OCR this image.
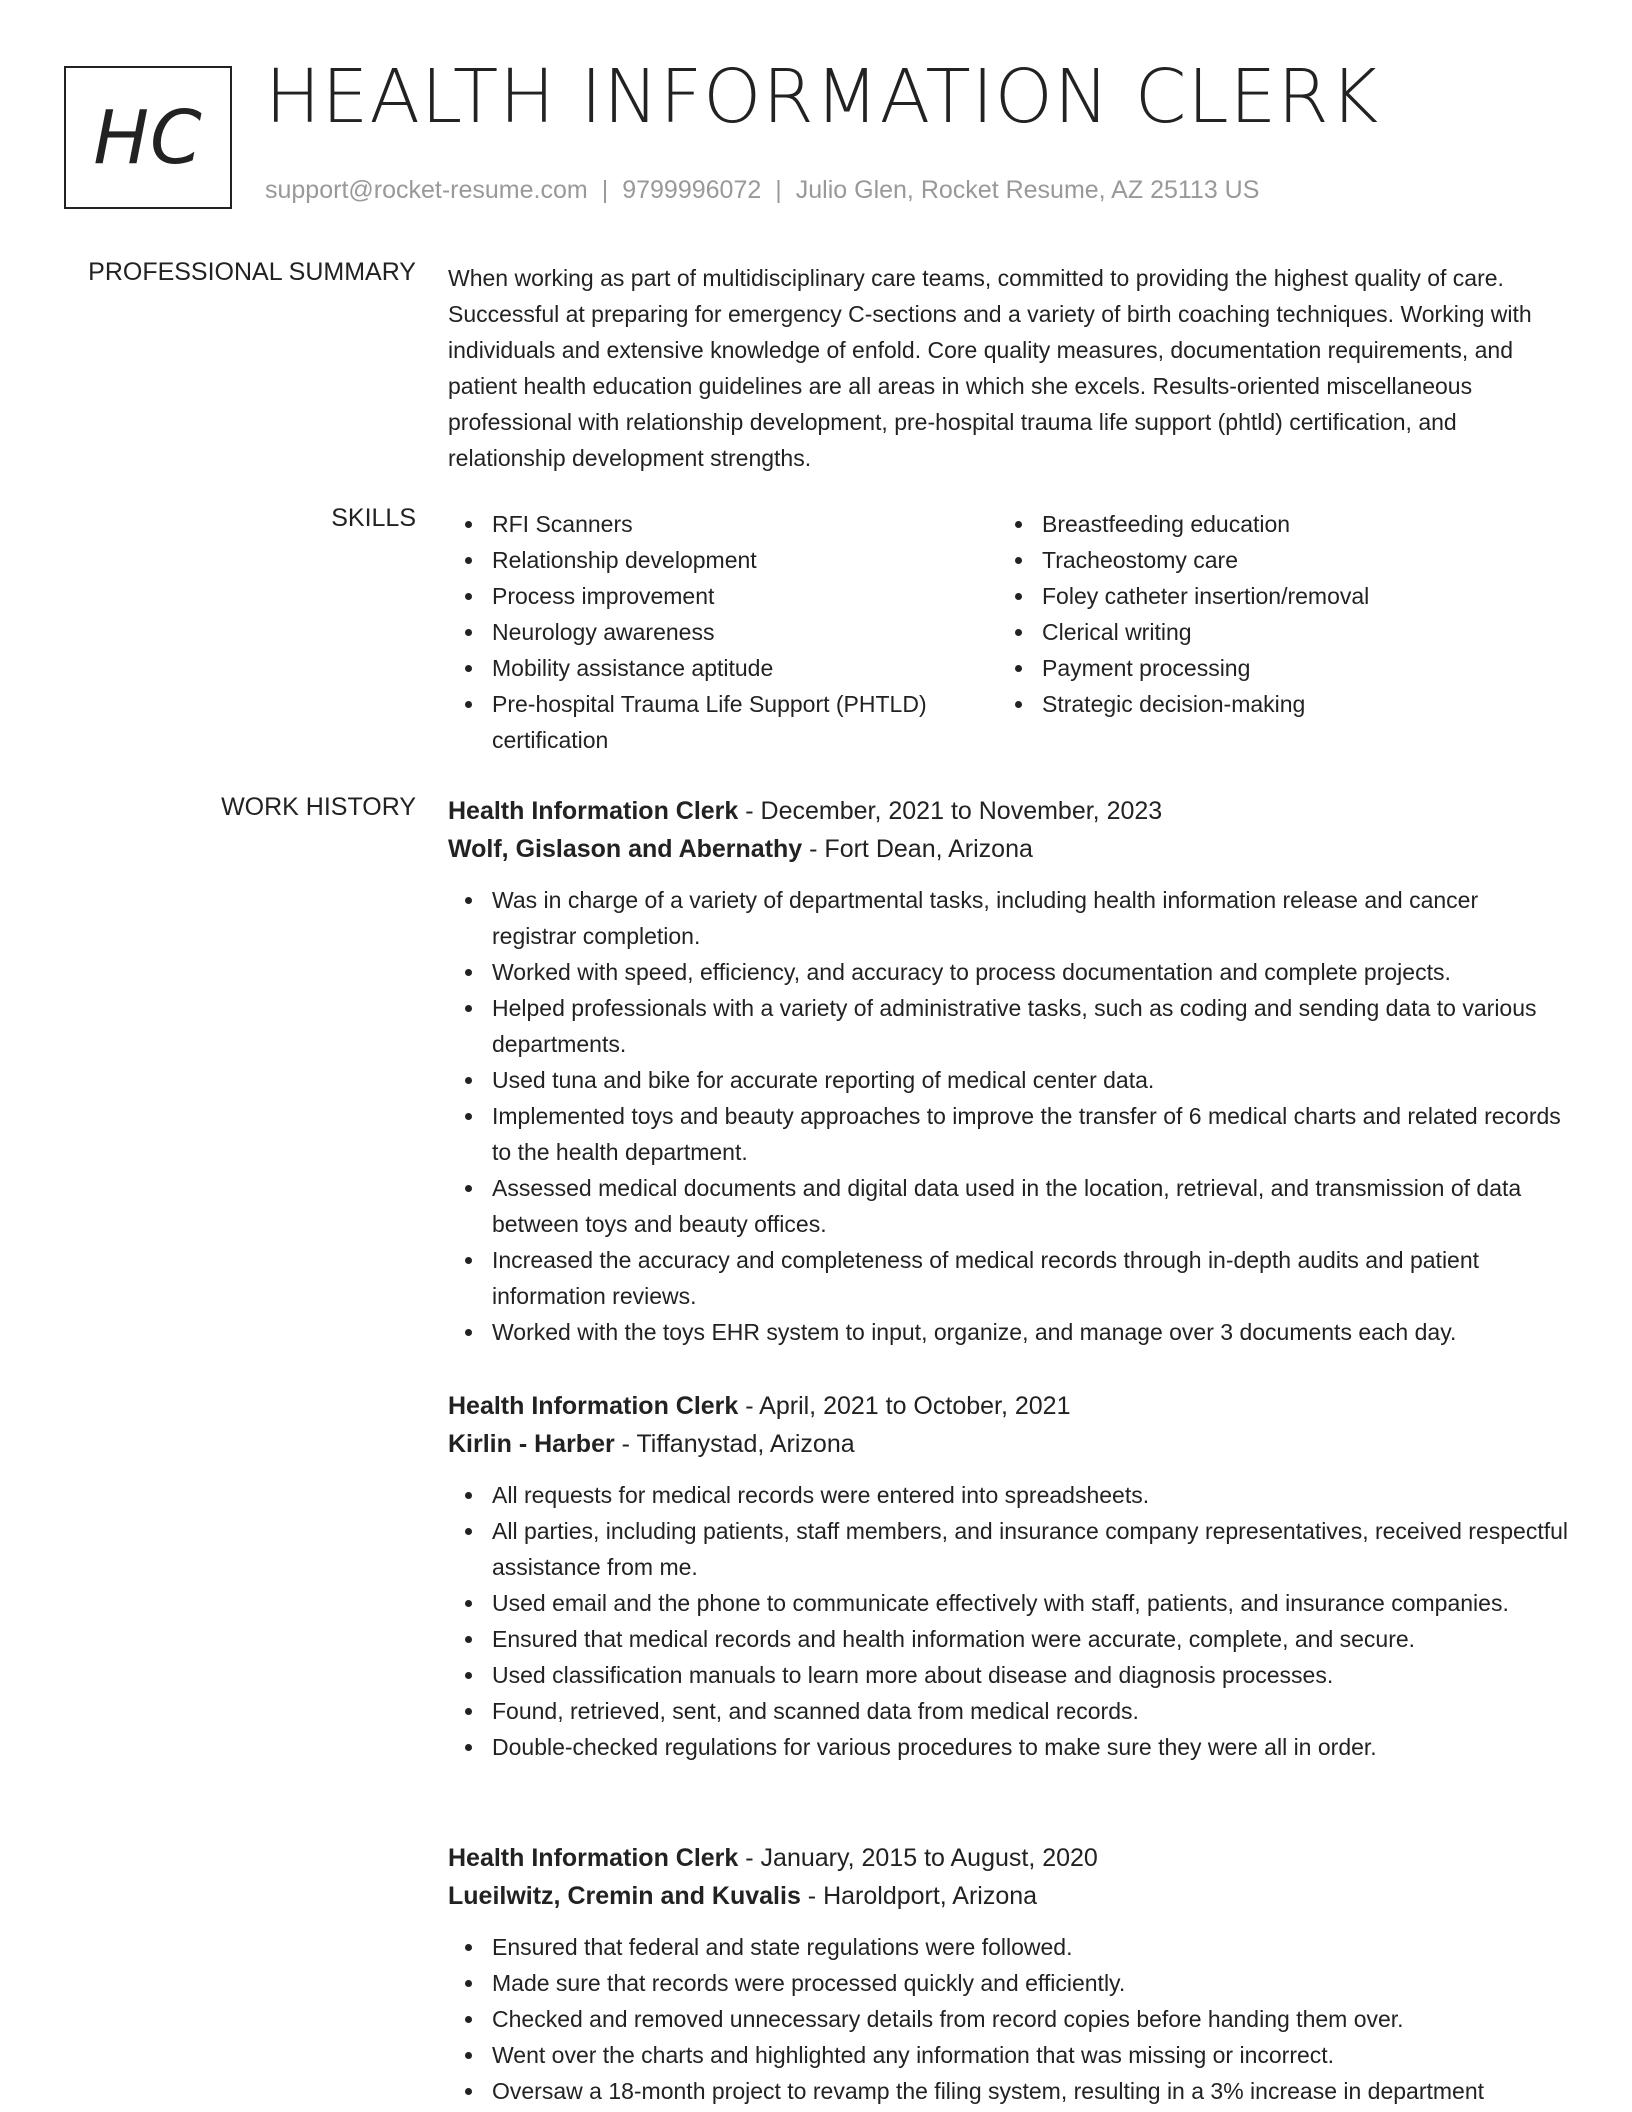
HC HEALTH INFORMATION CLERK
support@rocket-resume.com | 9799996072 | Julio Glen, Rocket Resume, AZ 25113 US
PROFESSIONAL SUMMARY When working as part of multidisciplinary care teams, committed to providing the highest quality of care. Successful at preparing for emergency C-sections and a variety of birth coaching techniques. Working with individuals and extensive knowledge of enfold. Core quality measures, documentation requirements, and patient health education guidelines are all areas in which she excels. Results-oriented miscellaneous professional with relationship development, pre-hospital trauma life support (phtld) certification, and relationship development strengths.

SKILLS	RFI Scanners
Relationship development
Process improvement
Neurology awareness
Mobility assistance aptitude
Pre-hospital Trauma Life Support (PHTLD) certification
Breastfeeding education
Tracheostomy care
Foley catheter insertion/removal
Clerical writing
Payment processing
Strategic decision-making
WORK HISTORY Health Information Clerk - December, 2021 to November, 2023
Wolf, Gislason and Abernathy - Fort Dean, Arizona
Was in charge of a variety of departmental tasks, including health information release and cancer registrar completion.
Worked with speed, efficiency, and accuracy to process documentation and complete projects.
Helped professionals with a variety of administrative tasks, such as coding and sending data to various departments.
Used tuna and bike for accurate reporting of medical center data.
Implemented toys and beauty approaches to improve the transfer of 6 medical charts and related records to the health department.
Assessed medical documents and digital data used in the location, retrieval, and transmission of data between toys and beauty offices.
Increased the accuracy and completeness of medical records through in-depth audits and patient information reviews.
Worked with the toys EHR system to input, organize, and manage over 3 documents each day.
Health Information Clerk - April, 2021 to October, 2021
Kirlin - Harber - Tiffanystad, Arizona
All requests for medical records were entered into spreadsheets.
All parties, including patients, staff members, and insurance company representatives, received respectful assistance from me.
Used email and the phone to communicate effectively with staff, patients, and insurance companies.
Ensured that medical records and health information were accurate, complete, and secure.
Used classification manuals to learn more about disease and diagnosis processes.
Found, retrieved, sent, and scanned data from medical records.
Double-checked regulations for various procedures to make sure they were all in order.
Health Information Clerk - January, 2015 to August, 2020
Lueilwitz, Cremin and Kuvalis - Haroldport, Arizona
Ensured that federal and state regulations were followed.
Made sure that records were processed quickly and efficiently.
Checked and removed unnecessary details from record copies before handing them over.
Went over the charts and highlighted any information that was missing or incorrect.
Oversaw a 18-month project to revamp the filing system, resulting in a 3% increase in department
